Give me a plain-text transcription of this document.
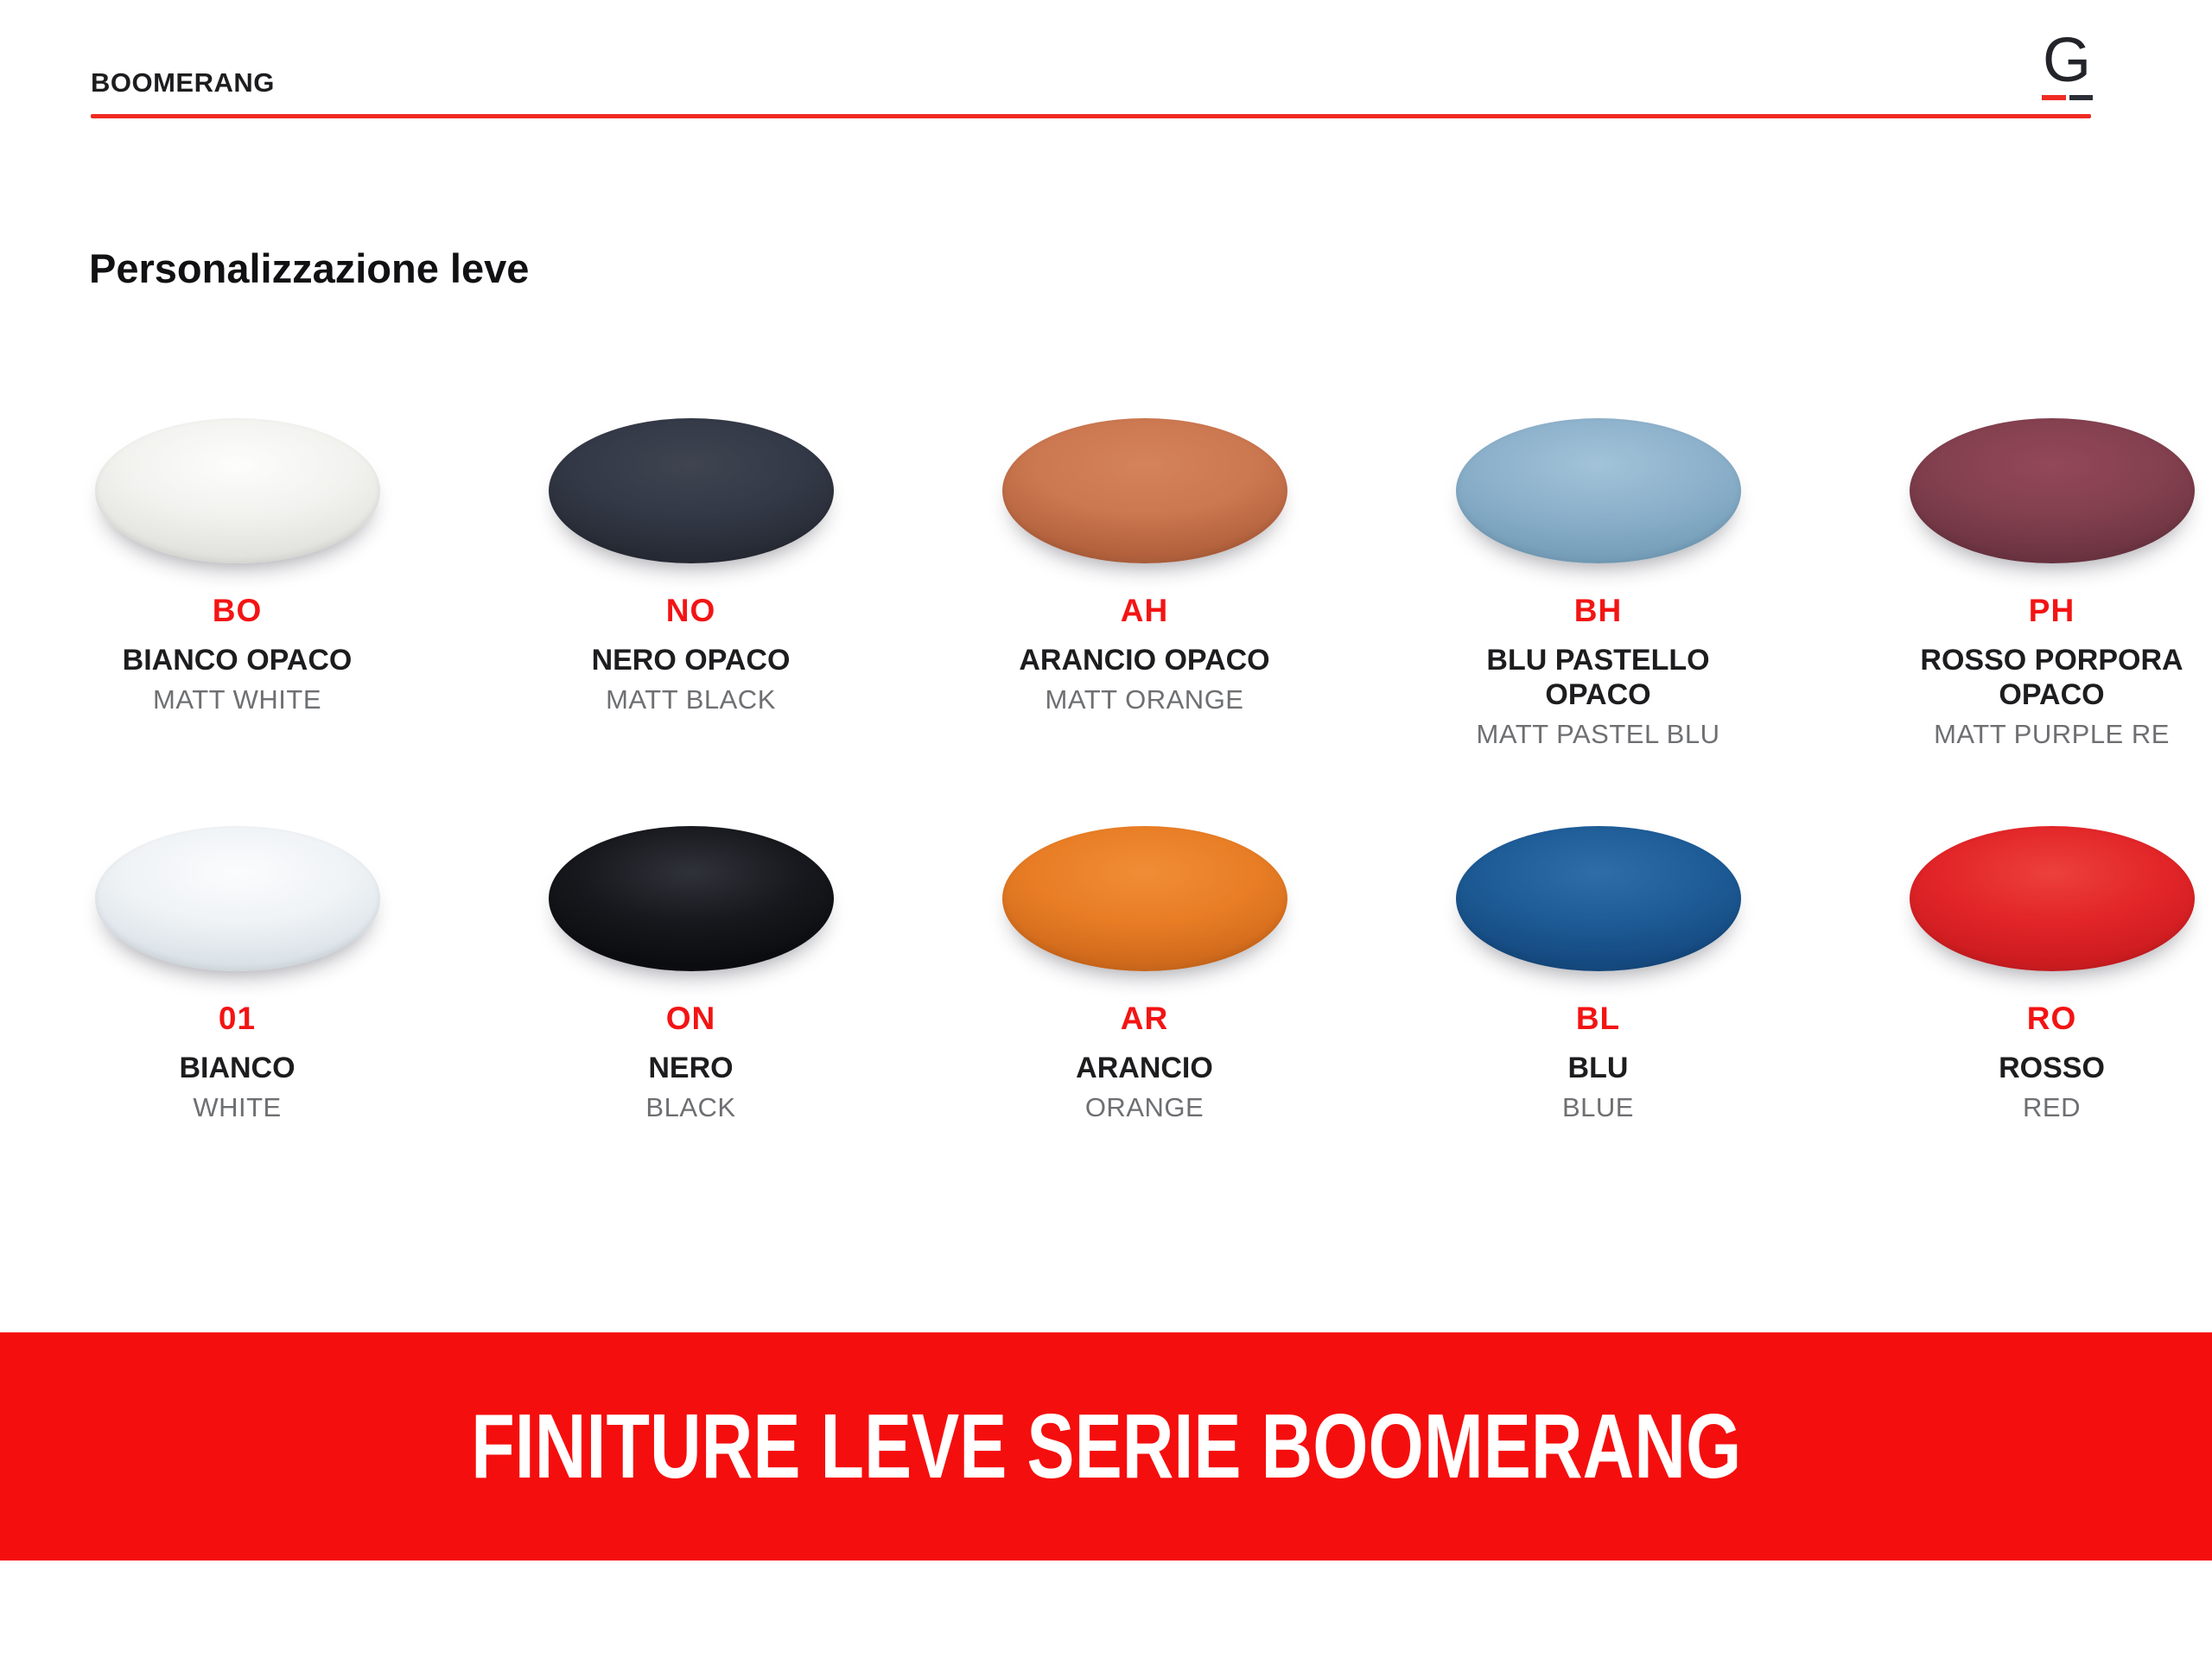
BOOMERANG	G
Personalizzazione leve
BO
BIANCO OPACO
MATT WHITE
NO
NERO OPACO
MATT BLACK
AH
ARANCIO OPACO
MATT ORANGE
BH
BLU PASTELLO OPACO
MATT PASTEL BLU
PH
ROSSO PORPORA OPACO
MATT PURPLE RE
01
BIANCO
WHITE
ON
NERO
BLACK
AR
ARANCIO
ORANGE
BL
BLU
BLUE
RO
ROSSO
RED
FINITURE LEVE SERIE BOOMERANG
